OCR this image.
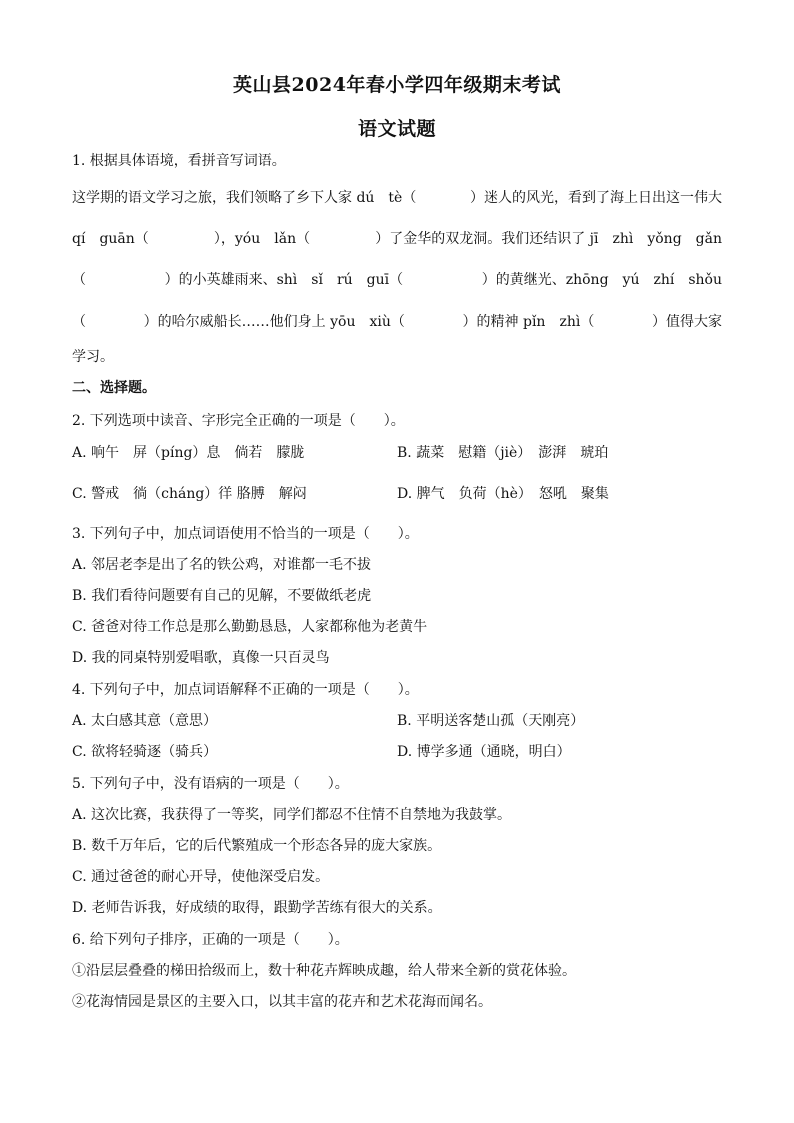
英山县2024年春小学四年级期末考试
语文试题
1. 根据具体语境，看拼音写词语。
这学期的语文学习之旅，我们领略了乡下人家 dú　tè（	）迷人的风光，看到了海上日出这一伟大
qí　guān（	），yóu　lǎn（	）了金华的双龙洞。我们还结识了 jī　zhì　yǒng　gǎn
（	）的小英雄雨来、shì　sǐ　rú　guī（	）的黄继光、zhōng　yú　zhí　shǒu
（	）的哈尔威船长……他们身上 yōu　xiù（	）的精神 pǐn　zhì（	）值得大家
学习。
二、选择题。
2. 下列选项中读音、字形完全正确的一项是（　　）。
A. 响午　屏（píng）息　倘若　朦胧	B. 蔬菜　慰籍（jiè）　澎湃　琥珀
C. 警戒　徜（cháng）徉 胳膊　解闷	D. 脾气　负荷（hè）　怒吼　聚集
3. 下列句子中，加点词语使用不恰当的一项是（　　）。
A. 邻居老李是出了名的铁公鸡，对谁都一毛不拔
B. 我们看待问题要有自己的见解，不要做纸老虎
C. 爸爸对待工作总是那么勤勤恳恳，人家都称他为老黄牛
D. 我的同桌特别爱唱歌，真像一只百灵鸟
4. 下列句子中，加点词语解释不正确的一项是（　　）。
A. 太白感其意（意思）	B. 平明送客楚山孤（天刚亮）
C. 欲将轻骑逐（骑兵）	D. 博学多通（通晓，明白）
5. 下列句子中，没有语病的一项是（　　）。
A. 这次比赛，我获得了一等奖，同学们都忍不住情不自禁地为我鼓掌。
B. 数千万年后，它的后代繁殖成一个形态各异的庞大家族。
C. 通过爸爸的耐心开导，使他深受启发。
D. 老师告诉我，好成绩的取得，跟勤学苦练有很大的关系。
6. 给下列句子排序，正确的一项是（　　）。
①沿层层叠叠的梯田拾级而上，数十种花卉辉映成趣，给人带来全新的赏花体验。
②花海情园是景区的主要入口，以其丰富的花卉和艺术花海而闻名。
